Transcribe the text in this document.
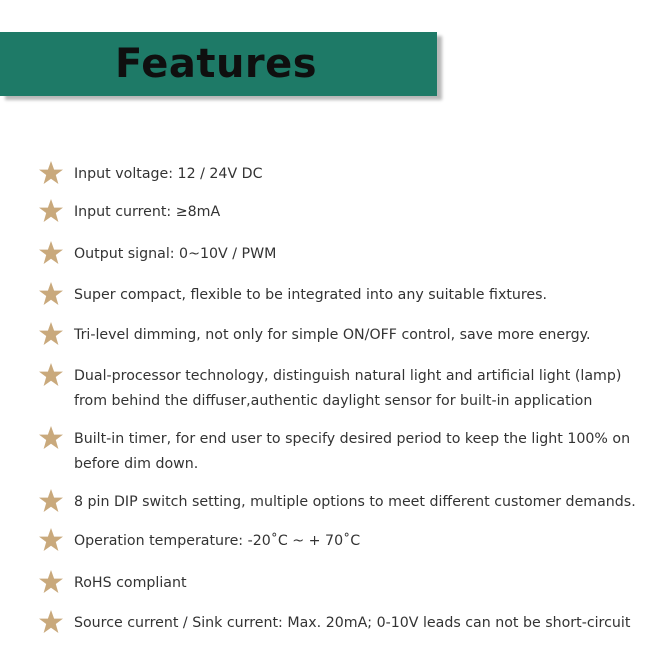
Features
Input voltage: 12 / 24V DC
Input current: ≥8mA
Output signal: 0~10V / PWM
Super compact, flexible to be integrated into any suitable fixtures.
Tri-level dimming, not only for simple ON/OFF control, save more energy.
Dual-processor technology, distinguish natural light and artificial light (lamp)
from behind the diffuser,authentic daylight sensor for built-in application
Built-in timer, for end user to specify desired period to keep the light 100% on
before dim down.
8 pin DIP switch setting, multiple options to meet different customer demands.
Operation temperature: -20˚C ~ + 70˚C
RoHS compliant
Source current / Sink current: Max. 20mA; 0-10V leads can not be short-circuit
